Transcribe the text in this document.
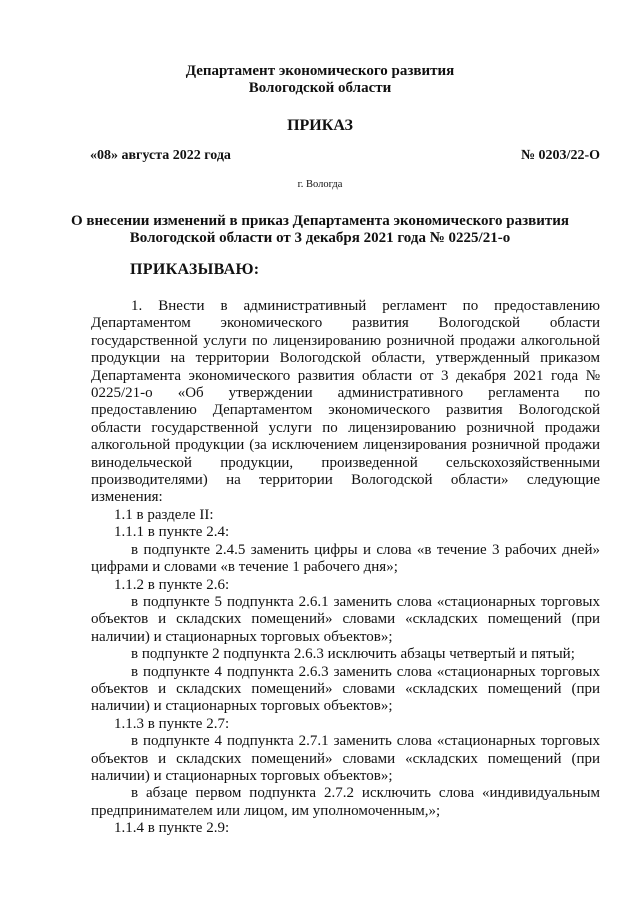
Департамент экономического развития
Вологодской области
ПРИКАЗ
«08» августа 2022 года	№ 0203/22-О
г. Вологда
О внесении изменений в приказ Департамента экономического развития
Вологодской области от 3 декабря 2021 года № 0225/21-о
ПРИКАЗЫВАЮ:
1. Внести в административный регламент по предоставлению Департаментом экономического развития Вологодской области государственной услуги по лицензированию розничной продажи алкогольной продукции на территории Вологодской области, утвержденный приказом Департамента экономического развития области от 3 декабря 2021 года № 0225/21-о «Об утверждении административного регламента по предоставлению Департаментом экономического развития Вологодской области государственной услуги по лицензированию розничной продажи алкогольной продукции (за исключением лицензирования розничной продажи винодельческой продукции, произведенной сельскохозяйственными производителями) на территории Вологодской области» следующие изменения:
1.1 в разделе II:
1.1.1 в пункте 2.4:
в подпункте 2.4.5 заменить цифры и слова «в течение 3 рабочих дней» цифрами и словами «в течение 1 рабочего дня»;
1.1.2 в пункте 2.6:
в подпункте 5 подпункта 2.6.1 заменить слова «стационарных торговых объектов и складских помещений» словами «складских помещений (при наличии) и стационарных торговых объектов»;
в подпункте 2 подпункта 2.6.3 исключить абзацы четвертый и пятый;
в подпункте 4 подпункта 2.6.3 заменить слова «стационарных торговых объектов и складских помещений» словами «складских помещений (при наличии) и стационарных торговых объектов»;
1.1.3 в пункте 2.7:
в подпункте 4 подпункта 2.7.1 заменить слова «стационарных торговых объектов и складских помещений» словами «складских помещений (при наличии) и стационарных торговых объектов»;
в абзаце первом подпункта 2.7.2 исключить слова «индивидуальным предпринимателем или лицом, им уполномоченным,»;
1.1.4 в пункте 2.9:
